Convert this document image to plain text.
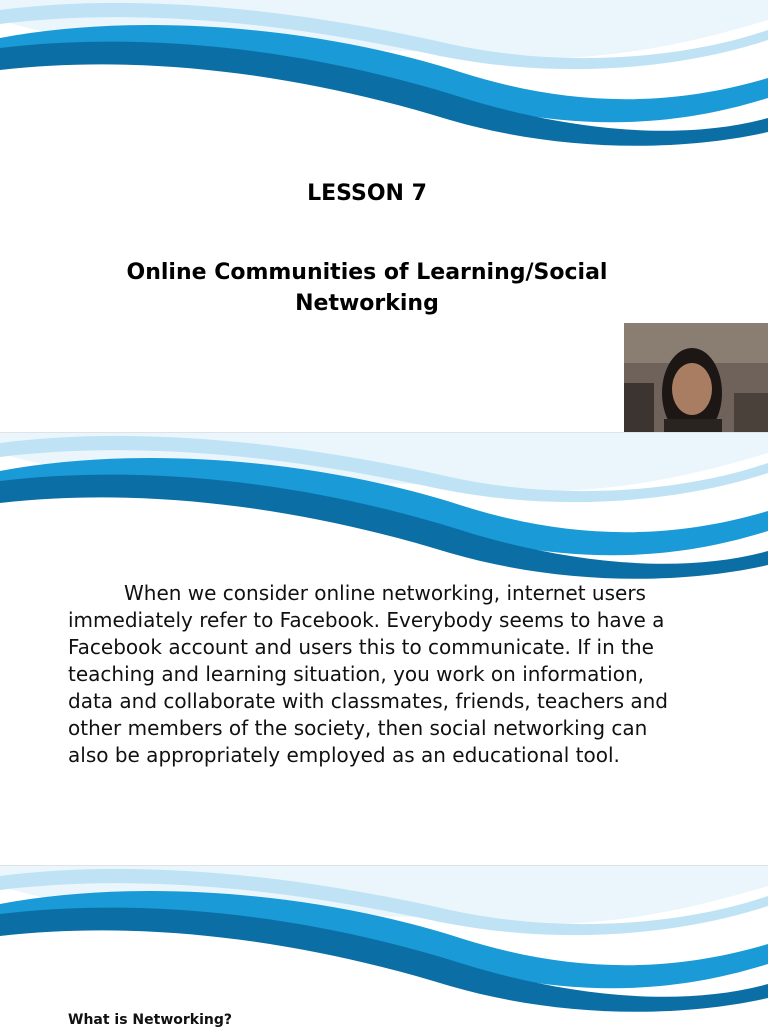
LESSON 7
Online Communities of Learning/Social Networking
When we consider online networking, internet users immediately refer to Facebook. Everybody seems to have a Facebook account and users this to communicate. If in the teaching and learning situation, you work on information, data and collaborate with classmates, friends, teachers and other members of the society, then social networking can also be appropriately employed as an educational tool.
What is Networking?
